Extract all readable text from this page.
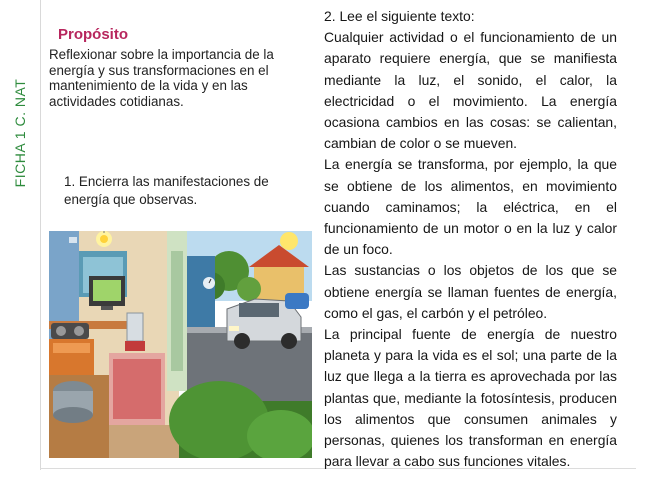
FICHA 1 C. NAT
Propósito
Reflexionar sobre la importancia de la energía y sus transformaciones en el mantenimiento de la vida y en las actividades cotidianas.
1. Encierra las manifestaciones de energía que observas.

2. Lee el siguiente texto:

Cualquier actividad o el funcionamiento de un aparato requiere energía, que se manifiesta mediante la luz, el sonido, el calor, la electricidad o el movimiento. La energía ocasiona cambios en las cosas: se calientan, cambian de color o se mueven.

La energía se transforma, por ejemplo, la que se obtiene de los alimentos, en movimiento cuando caminamos; la eléctrica, en el funcionamiento de un motor o en la luz y calor de un foco.

Las sustancias o los objetos de los que se obtiene energía se llaman fuentes de energía, como el gas, el carbón y el petróleo.

La principal fuente de energía de nuestro planeta y para la vida es el sol; una parte de la luz que llega a la tierra es aprovechada por las plantas que, mediante la fotosíntesis, producen los alimentos que consumen animales y personas, quienes los transforman en energía para llevar a cabo sus funciones vitales.
